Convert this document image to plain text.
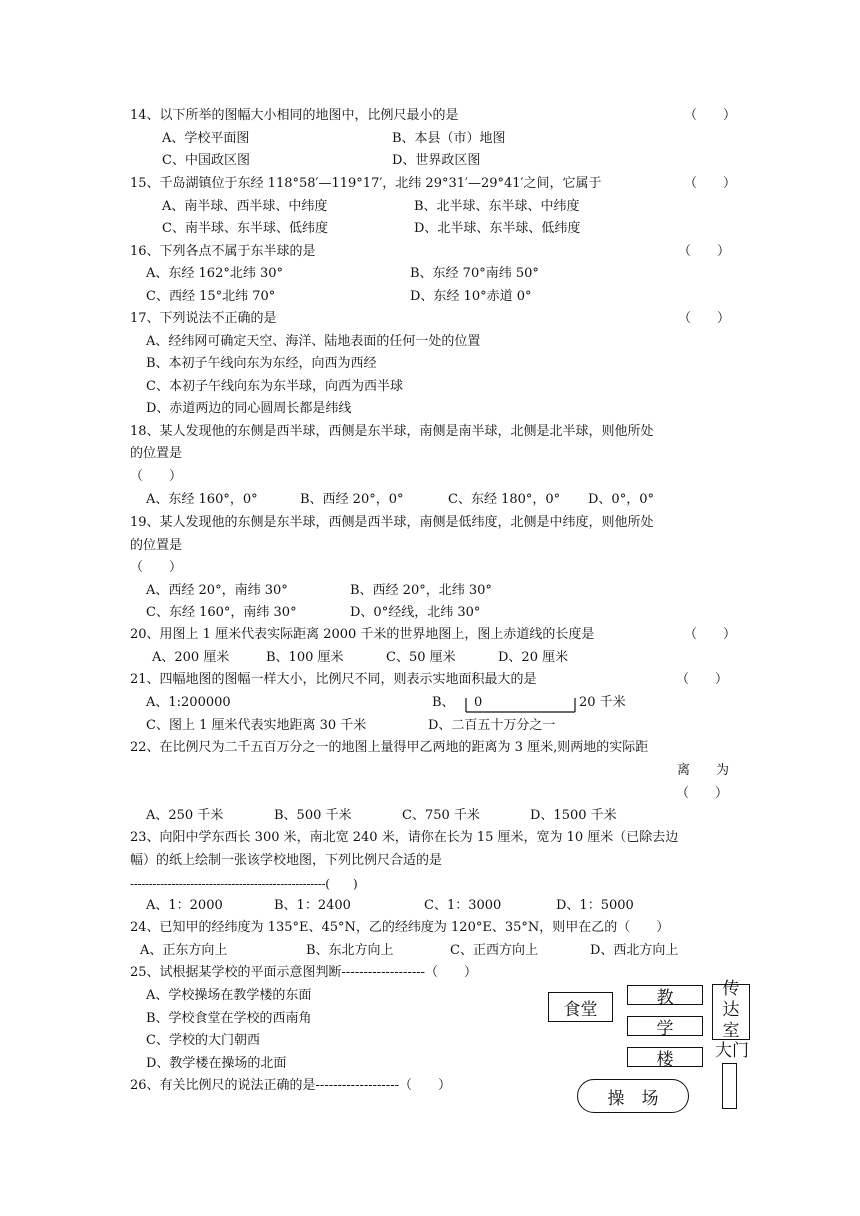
14、以下所举的图幅大小相同的地图中，比例尺最小的是	（　　）
A、学校平面图	B、本县（市）地图
C、中国政区图	D、世界政区图
15、千岛湖镇位于东经 118°58′—119°17′，北纬 29°31′—29°41′之间，它属于	（　　）
A、南半球、西半球、中纬度	B、北半球、东半球、中纬度
C、南半球、东半球、低纬度	D、北半球、东半球、低纬度
16、下列各点不属于东半球的是	（　　）
A、东经 162°北纬 30°	B、东经 70°南纬 50°
C、西经 15°北纬 70°	D、东经 10°赤道 0°
17、下列说法不正确的是	（　　）
A、经纬网可确定天空、海洋、陆地表面的任何一处的位置
B、本初子午线向东为东经，向西为西经
C、本初子午线向东为东半球，向西为西半球
D、赤道两边的同心圆周长都是纬线
18、某人发现他的东侧是西半球，西侧是东半球，南侧是南半球，北侧是北半球，则他所处
的位置是
（　　）
A、东经 160°，0°	B、西经 20°，0°	C、东经 180°，0° D、0°，0°
19、某人发现他的东侧是东半球，西侧是西半球，南侧是低纬度，北侧是中纬度，则他所处
的位置是
（　　）
A、西经 20°，南纬 30°	B、西经 20°，北纬 30°
C、东经 160°，南纬 30°	D、0°经线，北纬 30°
20、用图上 1 厘米代表实际距离 2000 千米的世界地图上，图上赤道线的长度是	（　　）
A、200 厘米	B、100 厘米	C、50 厘米	D、20 厘米
21、四幅地图的图幅一样大小，比例尺不同，则表示实地面积最大的是	（　　）
A、1:200000	B、 0	20 千米
C、图上 1 厘米代表实地距离 30 千米	D、二百五十万分之一
22、在比例尺为二千五百万分之一的地图上量得甲乙两地的距离为 3 厘米,则两地的实际距
离　　为
（　　）
A、250 千米	B、500 千米	C、750 千米	D、1500 千米
23、向阳中学东西长 300 米，南北宽 240 米，请你在长为 15 厘米，宽为 10 厘米（已除去边
幅）的纸上绘制一张该学校地图，下列比例尺合适的是
----------------------------------------------------(　　)
A、1：2000	B、1：2400	C、1：3000	D、1：5000
24、已知甲的经纬度为 135°E、45°N，乙的经纬度为 120°E、35°N，则甲在乙的（　　）
A、正东方向上	B、东北方向上	C、正西方向上	D、西北方向上
25、试根据某学校的平面示意图判断-------------------（　　）
A、学校操场在教学楼的东面
B、学校食堂在学校的西南角
C、学校的大门朝西
D、教学楼在操场的北面
26、有关比例尺的说法正确的是-------------------（　　）
食堂
教
学
楼
传
达
室
大门
操　场
